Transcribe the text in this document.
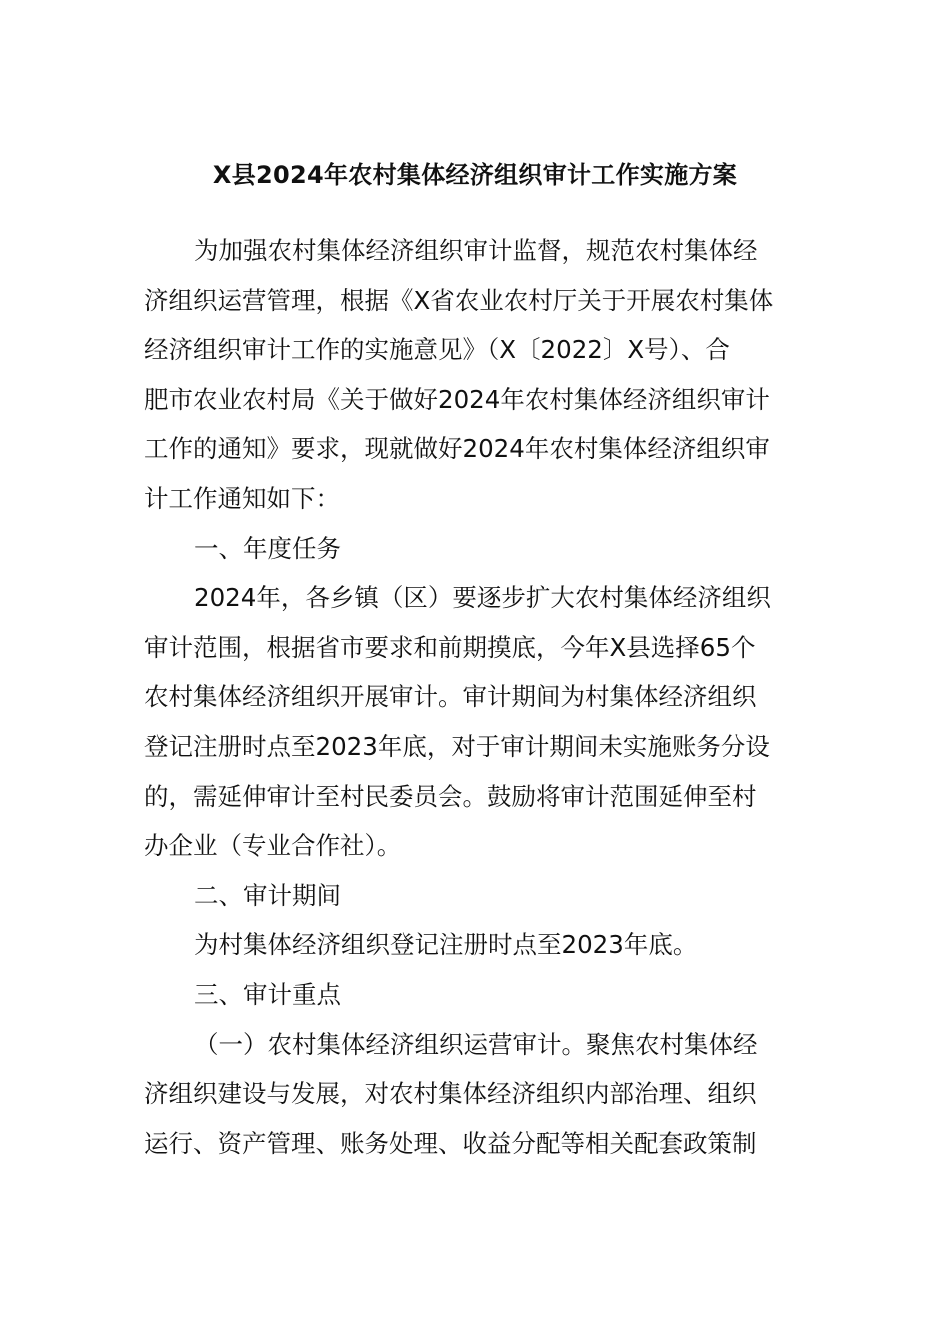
X县2024年农村集体经济组织审计工作实施方案
为加强农村集体经济组织审计监督，规范农村集体经
济组织运营管理，根据《X省农业农村厅关于开展农村集体
经济组织审计工作的实施意见》（X〔2022〕X号）、合
肥市农业农村局《关于做好2024年农村集体经济组织审计
工作的通知》要求，现就做好2024年农村集体经济组织审
计工作通知如下：
一、年度任务
2024年，各乡镇（区）要逐步扩大农村集体经济组织
审计范围，根据省市要求和前期摸底，今年X县选择65个
农村集体经济组织开展审计。审计期间为村集体经济组织
登记注册时点至2023年底，对于审计期间未实施账务分设
的，需延伸审计至村民委员会。鼓励将审计范围延伸至村
办企业（专业合作社）。
二、审计期间
为村集体经济组织登记注册时点至2023年底。
三、审计重点
（一）农村集体经济组织运营审计。聚焦农村集体经
济组织建设与发展，对农村集体经济组织内部治理、组织
运行、资产管理、账务处理、收益分配等相关配套政策制
